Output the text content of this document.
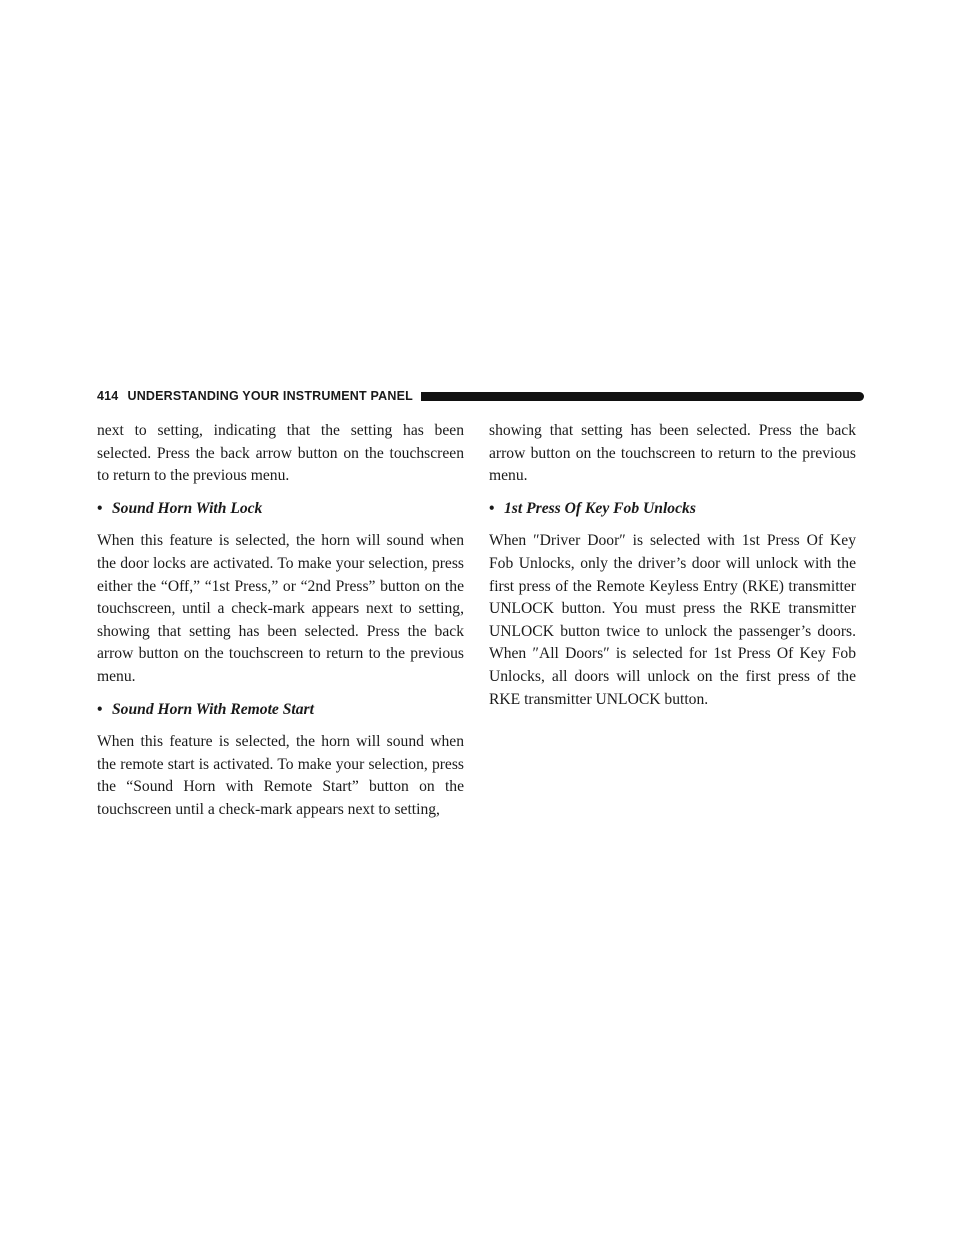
414 UNDERSTANDING YOUR INSTRUMENT PANEL

next to setting, indicating that the setting has been selected. Press the back arrow button on the touchscreen to return to the previous menu.

• Sound Horn With Lock

When this feature is selected, the horn will sound when the door locks are activated. To make your selection, press either the “Off,” “1st Press,” or “2nd Press” button on the touchscreen, until a check-mark appears next to setting, showing that setting has been selected. Press the back arrow button on the touchscreen to return to the previous menu.

• Sound Horn With Remote Start

When this feature is selected, the horn will sound when the remote start is activated. To make your selection, press the “Sound Horn with Remote Start” button on the touchscreen until a check-mark appears next to setting,

showing that setting has been selected. Press the back arrow button on the touchscreen to return to the previous menu.

• 1st Press Of Key Fob Unlocks

When ″Driver Door″ is selected with 1st Press Of Key Fob Unlocks, only the driver’s door will unlock with the first press of the Remote Keyless Entry (RKE) transmitter UNLOCK button. You must press the RKE transmitter UNLOCK button twice to unlock the passenger’s doors. When ″All Doors″ is selected for 1st Press Of Key Fob Unlocks, all doors will unlock on the first press of the RKE transmitter UNLOCK button.
